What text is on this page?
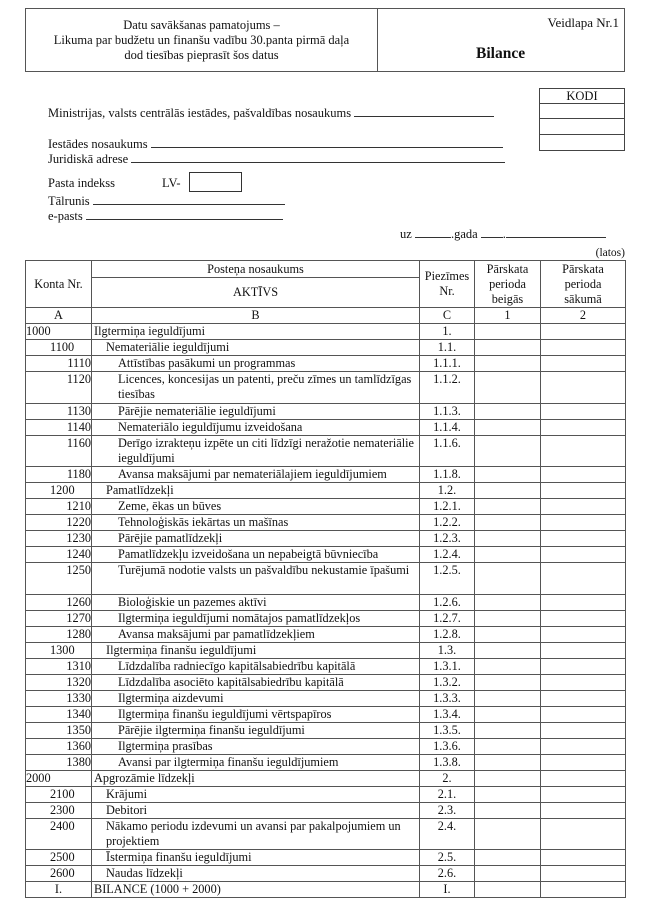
Datu savākšanas pamatojums –
Likuma par budžetu un finanšu vadību 30.panta pirmā daļa
dod tiesības pieprasīt šos datus
Veidlapa Nr.1
Bilance
Ministrijas, valsts centrālās iestādes, pašvaldības nosaukums
KODI
Iestādes nosaukums
Juridiskā adrese
Pasta indekss	LV-
Tālrunis
e-pasts
uz	.gada .
(latos)
Konta Nr.	Posteņa nosaukums	Piezīmes Nr.	Pārskata perioda beigās	Pārskata perioda sākumā
	AKTĪVS			
A	B	C	1	2
1000	Ilgtermiņa ieguldījumi	1.		
1100	Nemateriālie ieguldījumi	1.1.		
1110	Attīstības pasākumi un programmas	1.1.1.		
1120	Licences, koncesijas un patenti, preču zīmes un tamlīdzīgas tiesības	1.1.2.		
1130	Pārējie nemateriālie ieguldījumi	1.1.3.		
1140	Nemateriālo ieguldījumu izveidošana	1.1.4.		
1160	Derīgo izrakteņu izpēte un citi līdzīgi neražotie nemateriālie ieguldījumi	1.1.6.		
1180	Avansa maksājumi par nemateriālajiem ieguldījumiem	1.1.8.		
1200	Pamatlīdzekļi	1.2.		
1210	Zeme, ēkas un būves	1.2.1.		
1220	Tehnoloģiskās iekārtas un mašīnas	1.2.2.		
1230	Pārējie pamatlīdzekļi	1.2.3.		
1240	Pamatlīdzekļu izveidošana un nepabeigtā būvniecība	1.2.4.		
1250	Turējumā nodotie valsts un pašvaldību nekustamie īpašumi	1.2.5.		
1260	Bioloģiskie un pazemes aktīvi	1.2.6.		
1270	Ilgtermiņa ieguldījumi nomātajos pamatlīdzekļos	1.2.7.		
1280	Avansa maksājumi par pamatlīdzekļiem	1.2.8.		
1300	Ilgtermiņa finanšu ieguldījumi	1.3.		
1310	Līdzdalība radniecīgo kapitālsabiedrību kapitālā	1.3.1.		
1320	Līdzdalība asociēto kapitālsabiedrību kapitālā	1.3.2.		
1330	Ilgtermiņa aizdevumi	1.3.3.		
1340	Ilgtermiņa finanšu ieguldījumi vērtspapīros	1.3.4.		
1350	Pārējie ilgtermiņa finanšu ieguldījumi	1.3.5.		
1360	Ilgtermiņa prasības	1.3.6.		
1380	Avansi par ilgtermiņa finanšu ieguldījumiem	1.3.8.		
2000	Apgrozāmie līdzekļi	2.		
2100	Krājumi	2.1.		
2300	Debitori	2.3.		
2400	Nākamo periodu izdevumi un avansi par pakalpojumiem un projektiem	2.4.		
2500	Īstermiņa finanšu ieguldījumi	2.5.		
2600	Naudas līdzekļi	2.6.		
I.	BILANCE (1000 + 2000)	I.		
